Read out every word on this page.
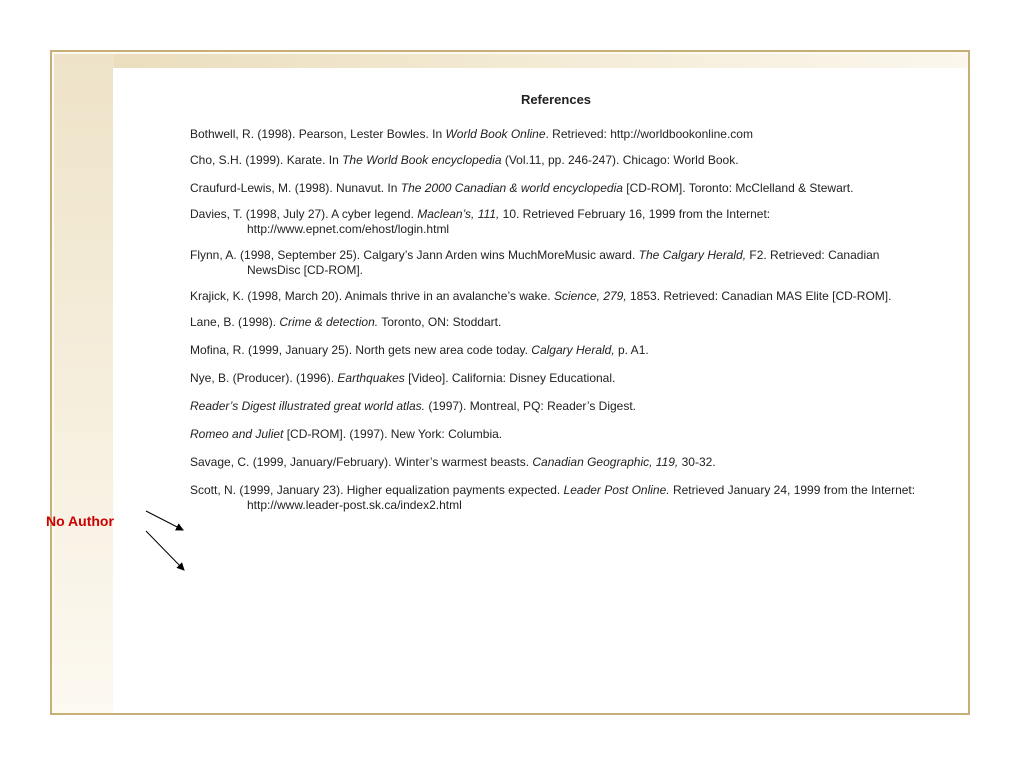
References
Bothwell, R. (1998). Pearson, Lester Bowles. In World Book Online. Retrieved: http://worldbookonline.com
Cho, S.H. (1999). Karate. In The World Book encyclopedia (Vol.11, pp. 246-247). Chicago: World Book.
Craufurd-Lewis, M. (1998). Nunavut. In The 2000 Canadian & world encyclopedia [CD-ROM]. Toronto: McClelland & Stewart.
Davies, T. (1998, July 27). A cyber legend. Maclean’s, 111, 10. Retrieved February 16, 1999 from the Internet: http://www.epnet.com/ehost/login.html
Flynn, A. (1998, September 25). Calgary’s Jann Arden wins MuchMoreMusic award. The Calgary Herald, F2. Retrieved: Canadian NewsDisc [CD-ROM].
Krajick, K. (1998, March 20). Animals thrive in an avalanche’s wake. Science, 279, 1853. Retrieved: Canadian MAS Elite [CD-ROM].
Lane, B. (1998). Crime & detection. Toronto, ON: Stoddart.
Mofina, R. (1999, January 25). North gets new area code today. Calgary Herald, p. A1.
Nye, B. (Producer). (1996). Earthquakes [Video]. California: Disney Educational.
Reader’s Digest illustrated great world atlas. (1997). Montreal, PQ: Reader’s Digest.
Romeo and Juliet [CD-ROM]. (1997). New York: Columbia.
Savage, C. (1999, January/February). Winter’s warmest beasts. Canadian Geographic, 119, 30-32.
Scott, N. (1999, January 23). Higher equalization payments expected. Leader Post Online. Retrieved January 24, 1999 from the Internet: http://www.leader-post.sk.ca/index2.html
No Author
